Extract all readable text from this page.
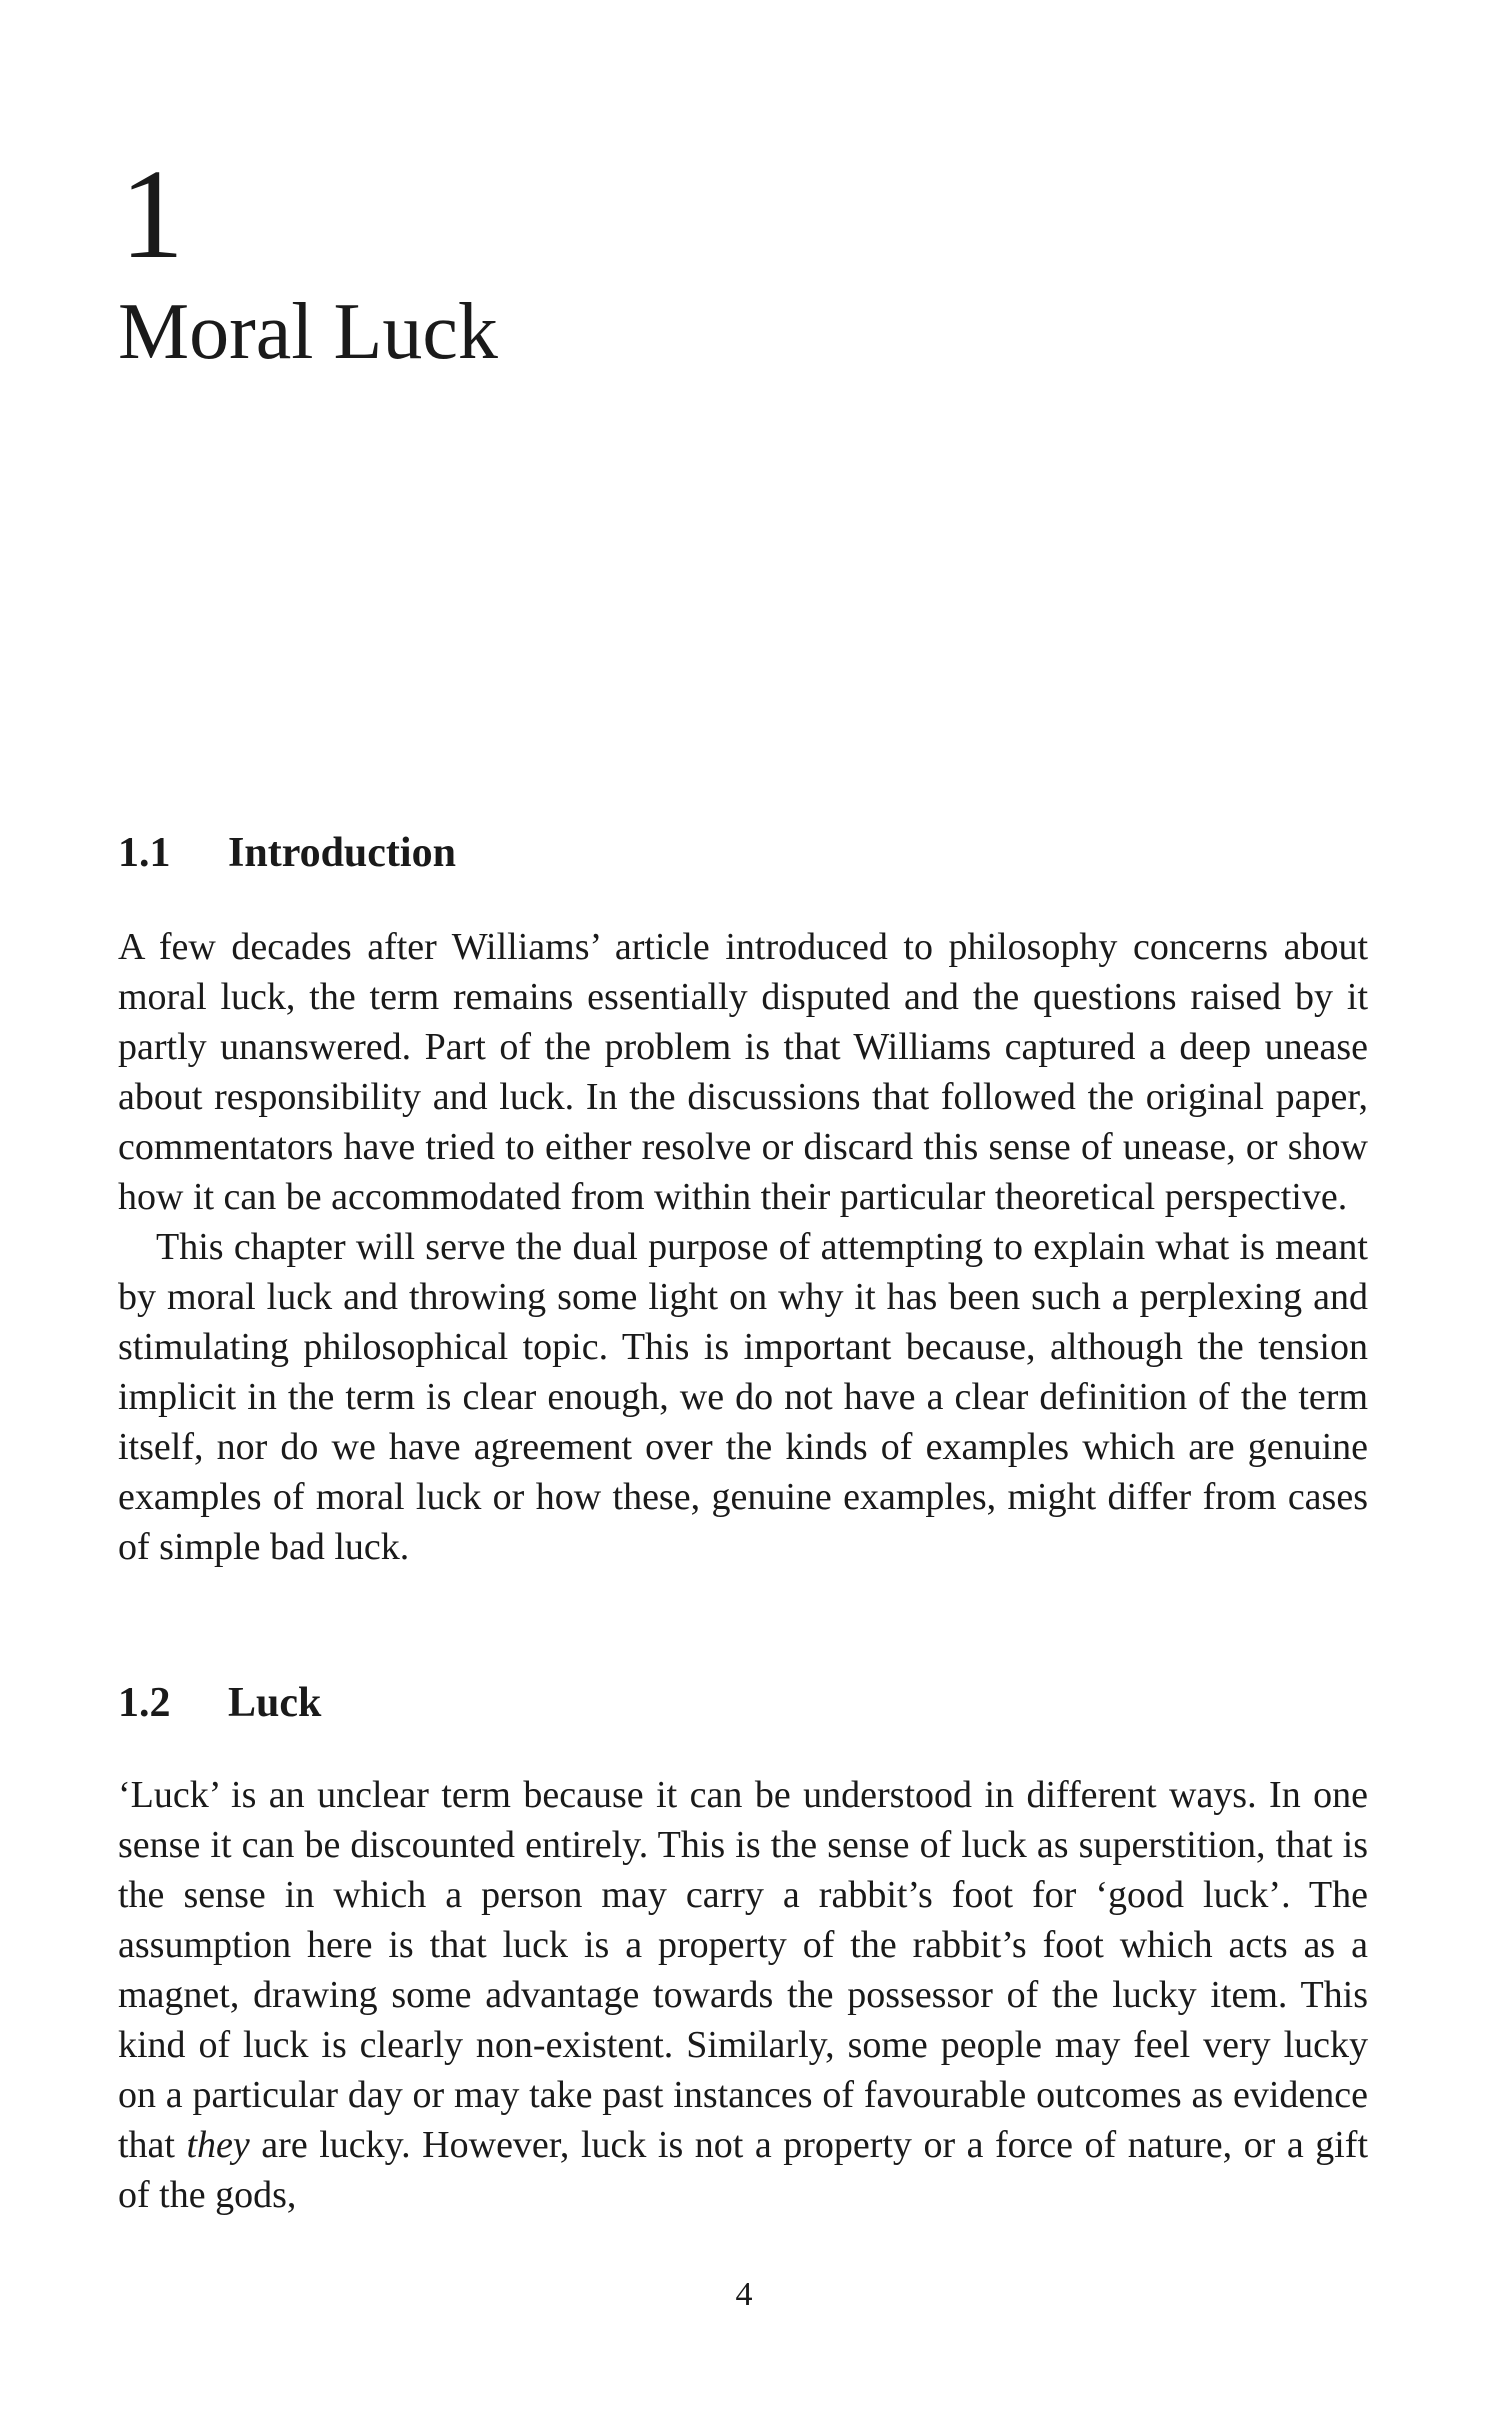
1
Moral Luck
1.1 Introduction

A few decades after Williams’ article introduced to philosophy concerns about moral luck, the term remains essentially disputed and the questions raised by it partly unanswered. Part of the problem is that Williams captured a deep unease about responsibility and luck. In the discussions that followed the original paper, commentators have tried to either resolve or discard this sense of unease, or show how it can be accommodated from within their particular theoretical perspective.

This chapter will serve the dual purpose of attempting to explain what is meant by moral luck and throwing some light on why it has been such a perplexing and stimulating philosophical topic. This is important because, although the tension implicit in the term is clear enough, we do not have a clear definition of the term itself, nor do we have agreement over the kinds of examples which are genuine examples of moral luck or how these, genuine examples, might differ from cases of simple bad luck.

1.2 Luck

‘Luck’ is an unclear term because it can be understood in different ways. In one sense it can be discounted entirely. This is the sense of luck as superstition, that is the sense in which a person may carry a rabbit’s foot for ‘good luck’. The assumption here is that luck is a property of the rabbit’s foot which acts as a magnet, drawing some advantage towards the possessor of the lucky item. This kind of luck is clearly non-existent. Similarly, some people may feel very lucky on a particular day or may take past instances of favourable outcomes as evidence that they are lucky. However, luck is not a property or a force of nature, or a gift of the gods,

4
